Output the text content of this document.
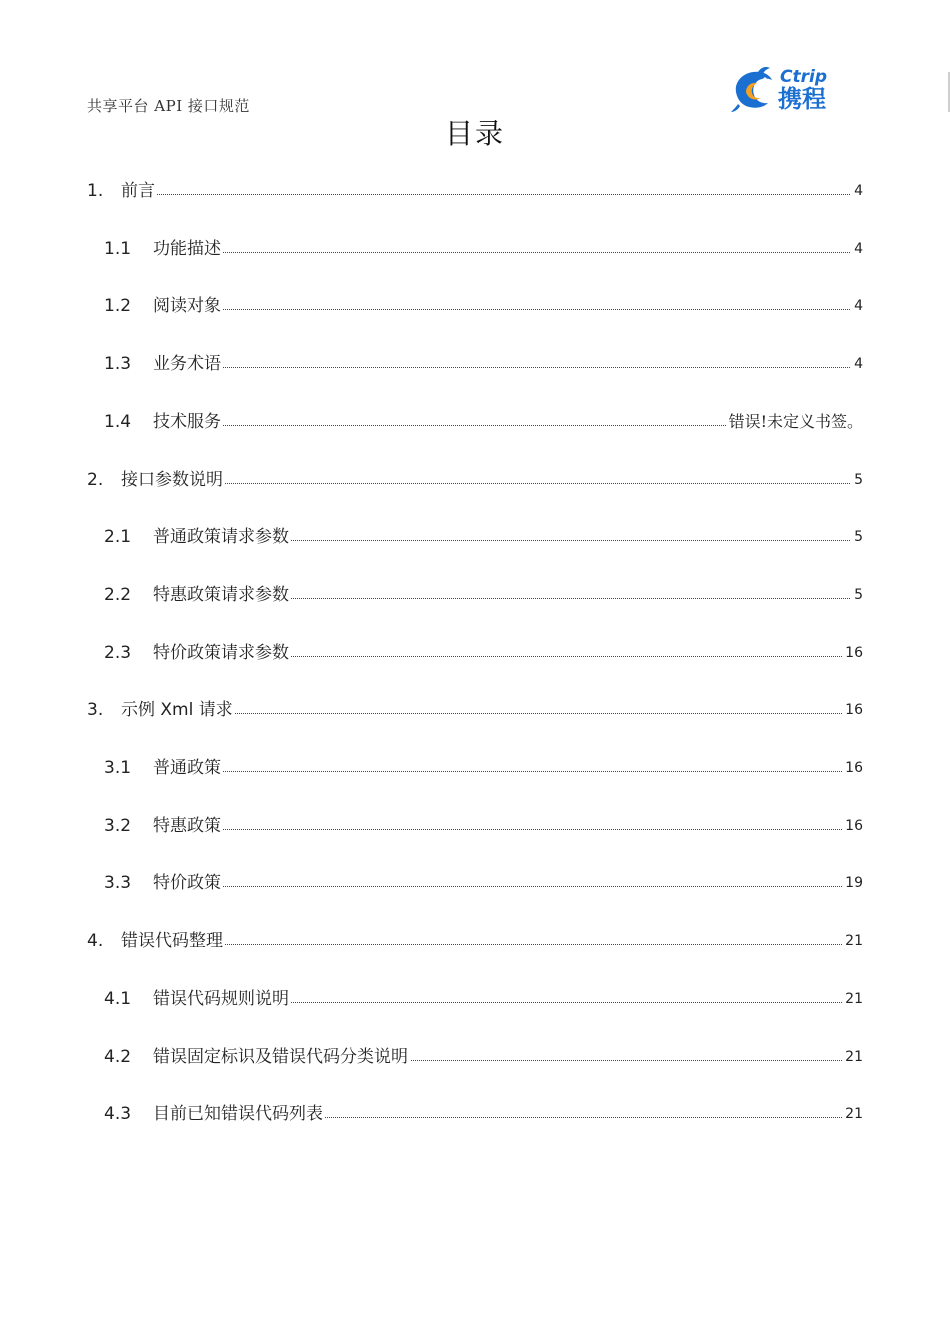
共享平台 API 接口规范
Ctrip
携程
目录
1. 前言	4
1.1 功能描述	4
1.2 阅读对象	4
1.3 业务术语	4
1.4 技术服务	错误!未定义书签。
2. 接口参数说明	5
2.1 普通政策请求参数	5
2.2 特惠政策请求参数	5
2.3 特价政策请求参数	16
3. 示例 Xml 请求	16
3.1 普通政策	16
3.2 特惠政策	16
3.3 特价政策	19
4. 错误代码整理	21
4.1 错误代码规则说明	21
4.2 错误固定标识及错误代码分类说明	21
4.3 目前已知错误代码列表	21
